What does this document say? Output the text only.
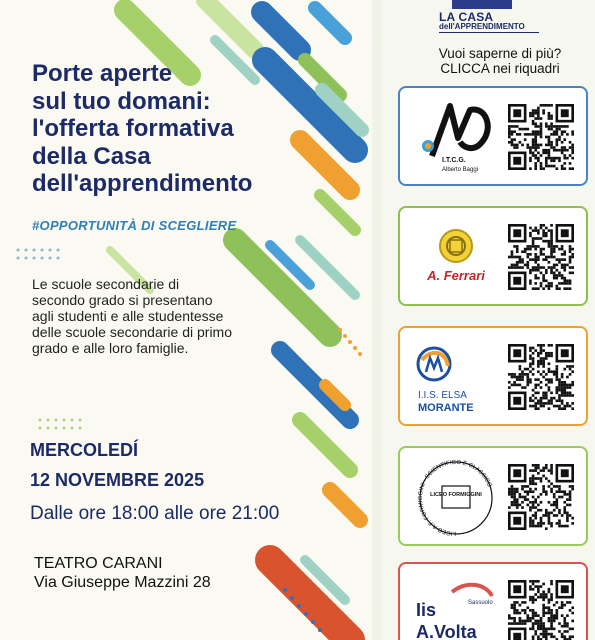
Porte aperte
sul tuo domani:
l'offerta formativa
della Casa
dell'apprendimento
#OPPORTUNITÀ DI SCEGLIERE
Le scuole secondarie di secondo grado si presentano agli studenti e alle studentesse delle scuole secondarie di primo grado e alle loro famiglie.
MERCOLEDÍ
12 NOVEMBRE 2025
Dalle ore 18:00 alle ore 21:00
TEATRO CARANI
Via Giuseppe Mazzini 28
LA CASA
dell'APPRENDIMENTO
Vuoi saperne di più?
CLICCA nei riquadri
I.T.C.G.
Alberto Baggi
A. Ferrari
I.I.S. ELSA
MORANTE
LICEO A.F. FORMIGGINI - SCIENTIFICO E CLASSICO
LICEO FORMIGGINI
Iis
A.Volta
Sassuolo
